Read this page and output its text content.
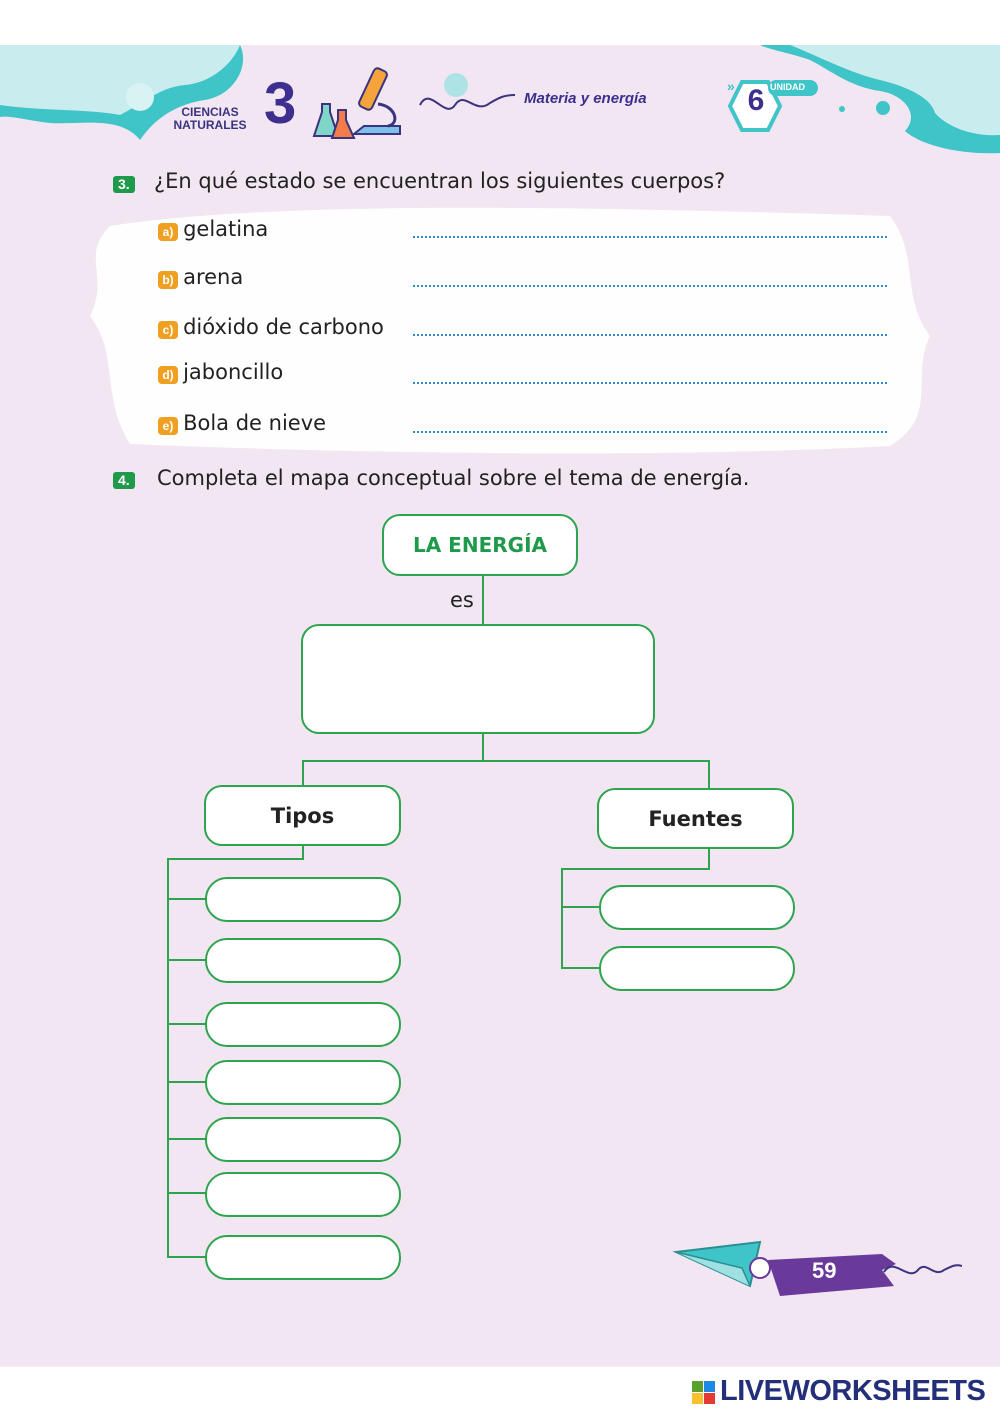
CIENCIAS
NATURALES 3	Materia y energía
»	UNIDAD
6
3. ¿En qué estado se encuentran los siguientes cuerpos?
a) gelatina
b) arena
c) dióxido de carbono
d) jaboncillo
e) Bola de nieve
4. Completa el mapa conceptual sobre el tema de energía.
LA ENERGÍA
es
Tipos	Fuentes
59
LIVEWORKSHEETS
